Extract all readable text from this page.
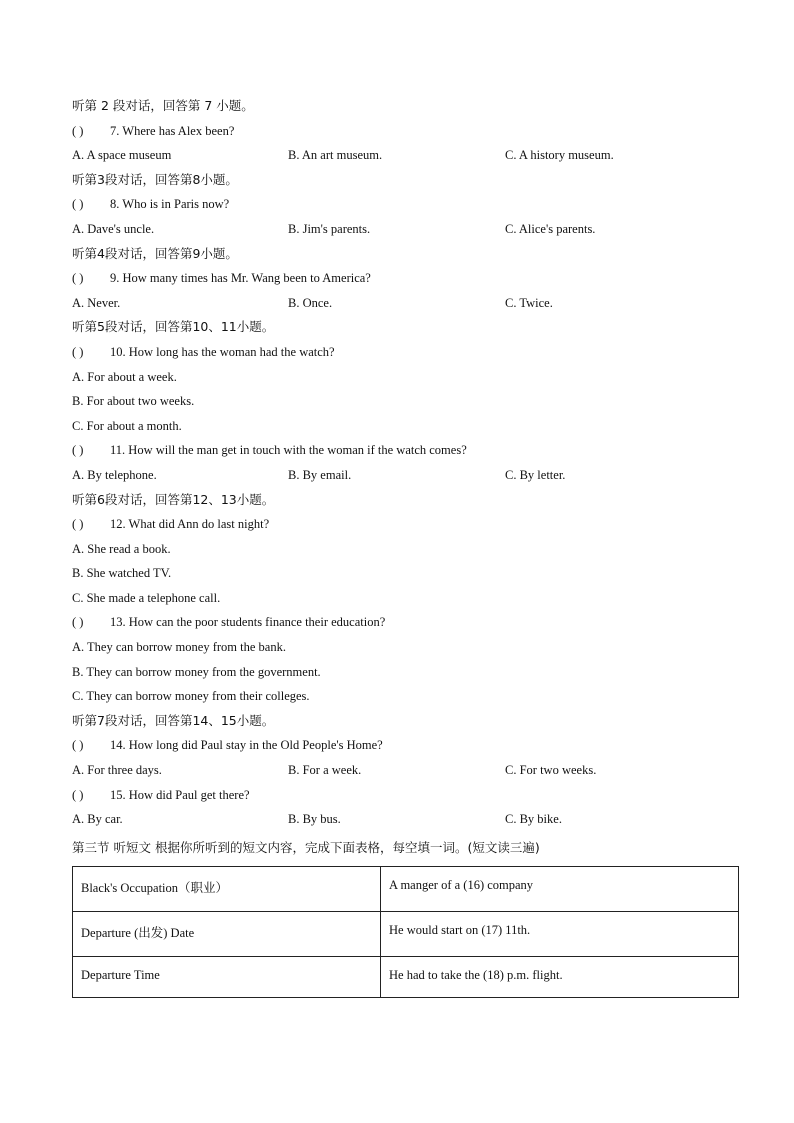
听第 2 段对话，回答第 7 小题。
( ) 7. Where has Alex been?
A. A space museum	B. An art museum.	C. A history museum.
听第3段对话，回答第8小题。
( ) 8. Who is in Paris now?
A. Dave's uncle.	B. Jim's parents.	C. Alice's parents.
听第4段对话，回答第9小题。
( ) 9. How many times has Mr. Wang been to America?
A. Never.	B. Once.	C. Twice.
听第5段对话，回答第10、11小题。
( ) 10. How long has the woman had the watch?
A. For about a week.
B. For about two weeks.
C. For about a month.
( ) 11. How will the man get in touch with the woman if the watch comes?
A. By telephone.	B. By email.	C. By letter.
听第6段对话，回答第12、13小题。
( ) 12. What did Ann do last night?
A. She read a book.
B. She watched TV.
C. She made a telephone call.
( ) 13. How can the poor students finance their education?
A. They can borrow money from the bank.
B. They can borrow money from the government.
C. They can borrow money from their colleges.
听第7段对话，回答第14、15小题。
( ) 14. How long did Paul stay in the Old People's Home?
A. For three days.	B. For a week.	C. For two weeks.
( ) 15. How did Paul get there?
A. By car.	B. By bus.	C. By bike.
第三节 听短文 根据你所听到的短文内容，完成下面表格，每空填一词。(短文读三遍)
Black's Occupation（职业）	A manger of a (16) company
Departure (出发) Date	He would start on (17) 11th.
Departure Time	He had to take the (18) p.m. flight.
